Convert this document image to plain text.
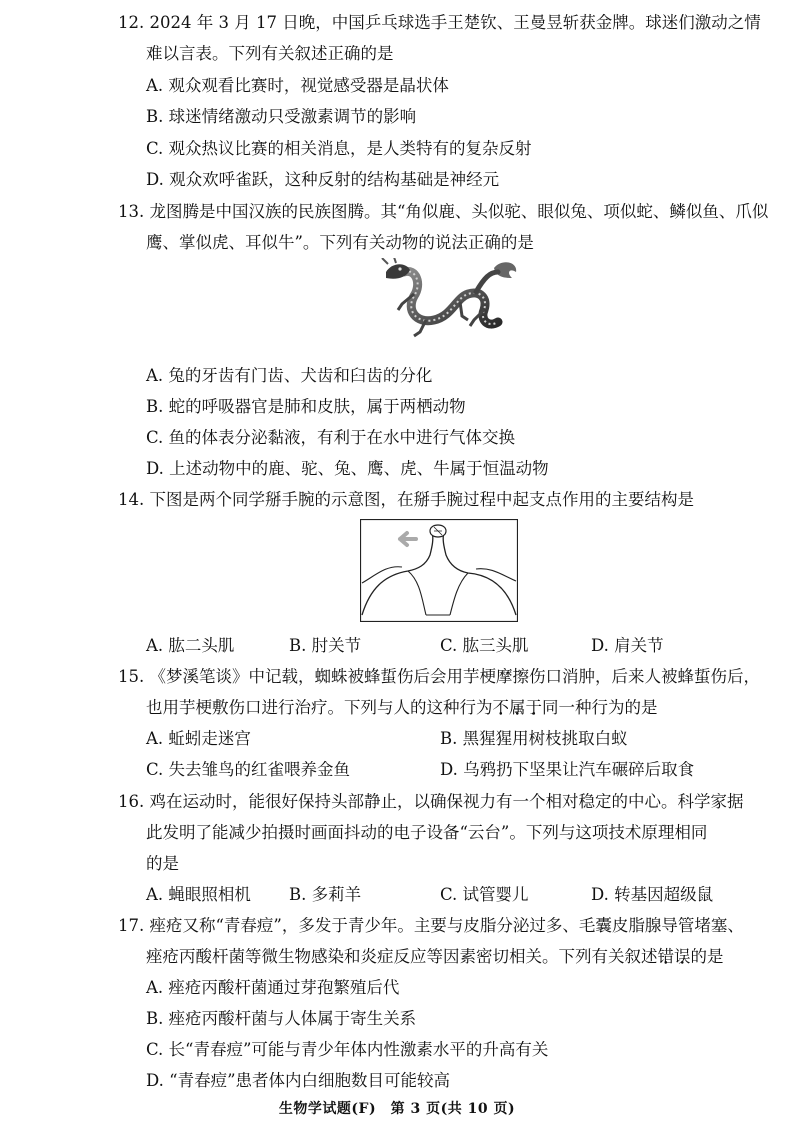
12. 2024 年 3 月 17 日晚，中国乒乓球选手王楚钦、王曼昱斩获金牌。球迷们激动之情
难以言表。下列有关叙述正确的是
A. 观众观看比赛时，视觉感受器是晶状体
B. 球迷情绪激动只受激素调节的影响
C. 观众热议比赛的相关消息，是人类特有的复杂反射
D. 观众欢呼雀跃，这种反射的结构基础是神经元
13. 龙图腾是中国汉族的民族图腾。其“角似鹿、头似驼、眼似兔、项似蛇、鳞似鱼、爪似
鹰、掌似虎、耳似牛”。下列有关动物的说法正确的是
A. 兔的牙齿有门齿、犬齿和臼齿的分化
B. 蛇的呼吸器官是肺和皮肤，属于两栖动物
C. 鱼的体表分泌黏液，有利于在水中进行气体交换
D. 上述动物中的鹿、驼、兔、鹰、虎、牛属于恒温动物
14. 下图是两个同学掰手腕的示意图，在掰手腕过程中起支点作用的主要结构是
A. 肱二头肌	B. 肘关节	C. 肱三头肌	D. 肩关节
15. 《梦溪笔谈》中记载，蜘蛛被蜂蜇伤后会用芋梗摩擦伤口消肿，后来人被蜂蜇伤后，
也用芋梗敷伤口进行治疗。下列与人的这种行为不属于同一种行为的是
A. 蚯蚓走迷宫	B. 黑猩猩用树枝挑取白蚁
C. 失去雏鸟的红雀喂养金鱼	D. 乌鸦扔下坚果让汽车碾碎后取食
16. 鸡在运动时，能很好保持头部静止，以确保视力有一个相对稳定的中心。科学家据
此发明了能减少拍摄时画面抖动的电子设备“云台”。下列与这项技术原理相同
的是
A. 蝇眼照相机 B. 多莉羊	C. 试管婴儿	D. 转基因超级鼠
17. 痤疮又称“青春痘”，多发于青少年。主要与皮脂分泌过多、毛囊皮脂腺导管堵塞、
痤疮丙酸杆菌等微生物感染和炎症反应等因素密切相关。下列有关叙述错误的是
A. 痤疮丙酸杆菌通过芽孢繁殖后代
B. 痤疮丙酸杆菌与人体属于寄生关系
C. 长“青春痘”可能与青少年体内性激素水平的升高有关
D. “青春痘”患者体内白细胞数目可能较高
生物学试题(F)　第 3 页(共 10 页)
